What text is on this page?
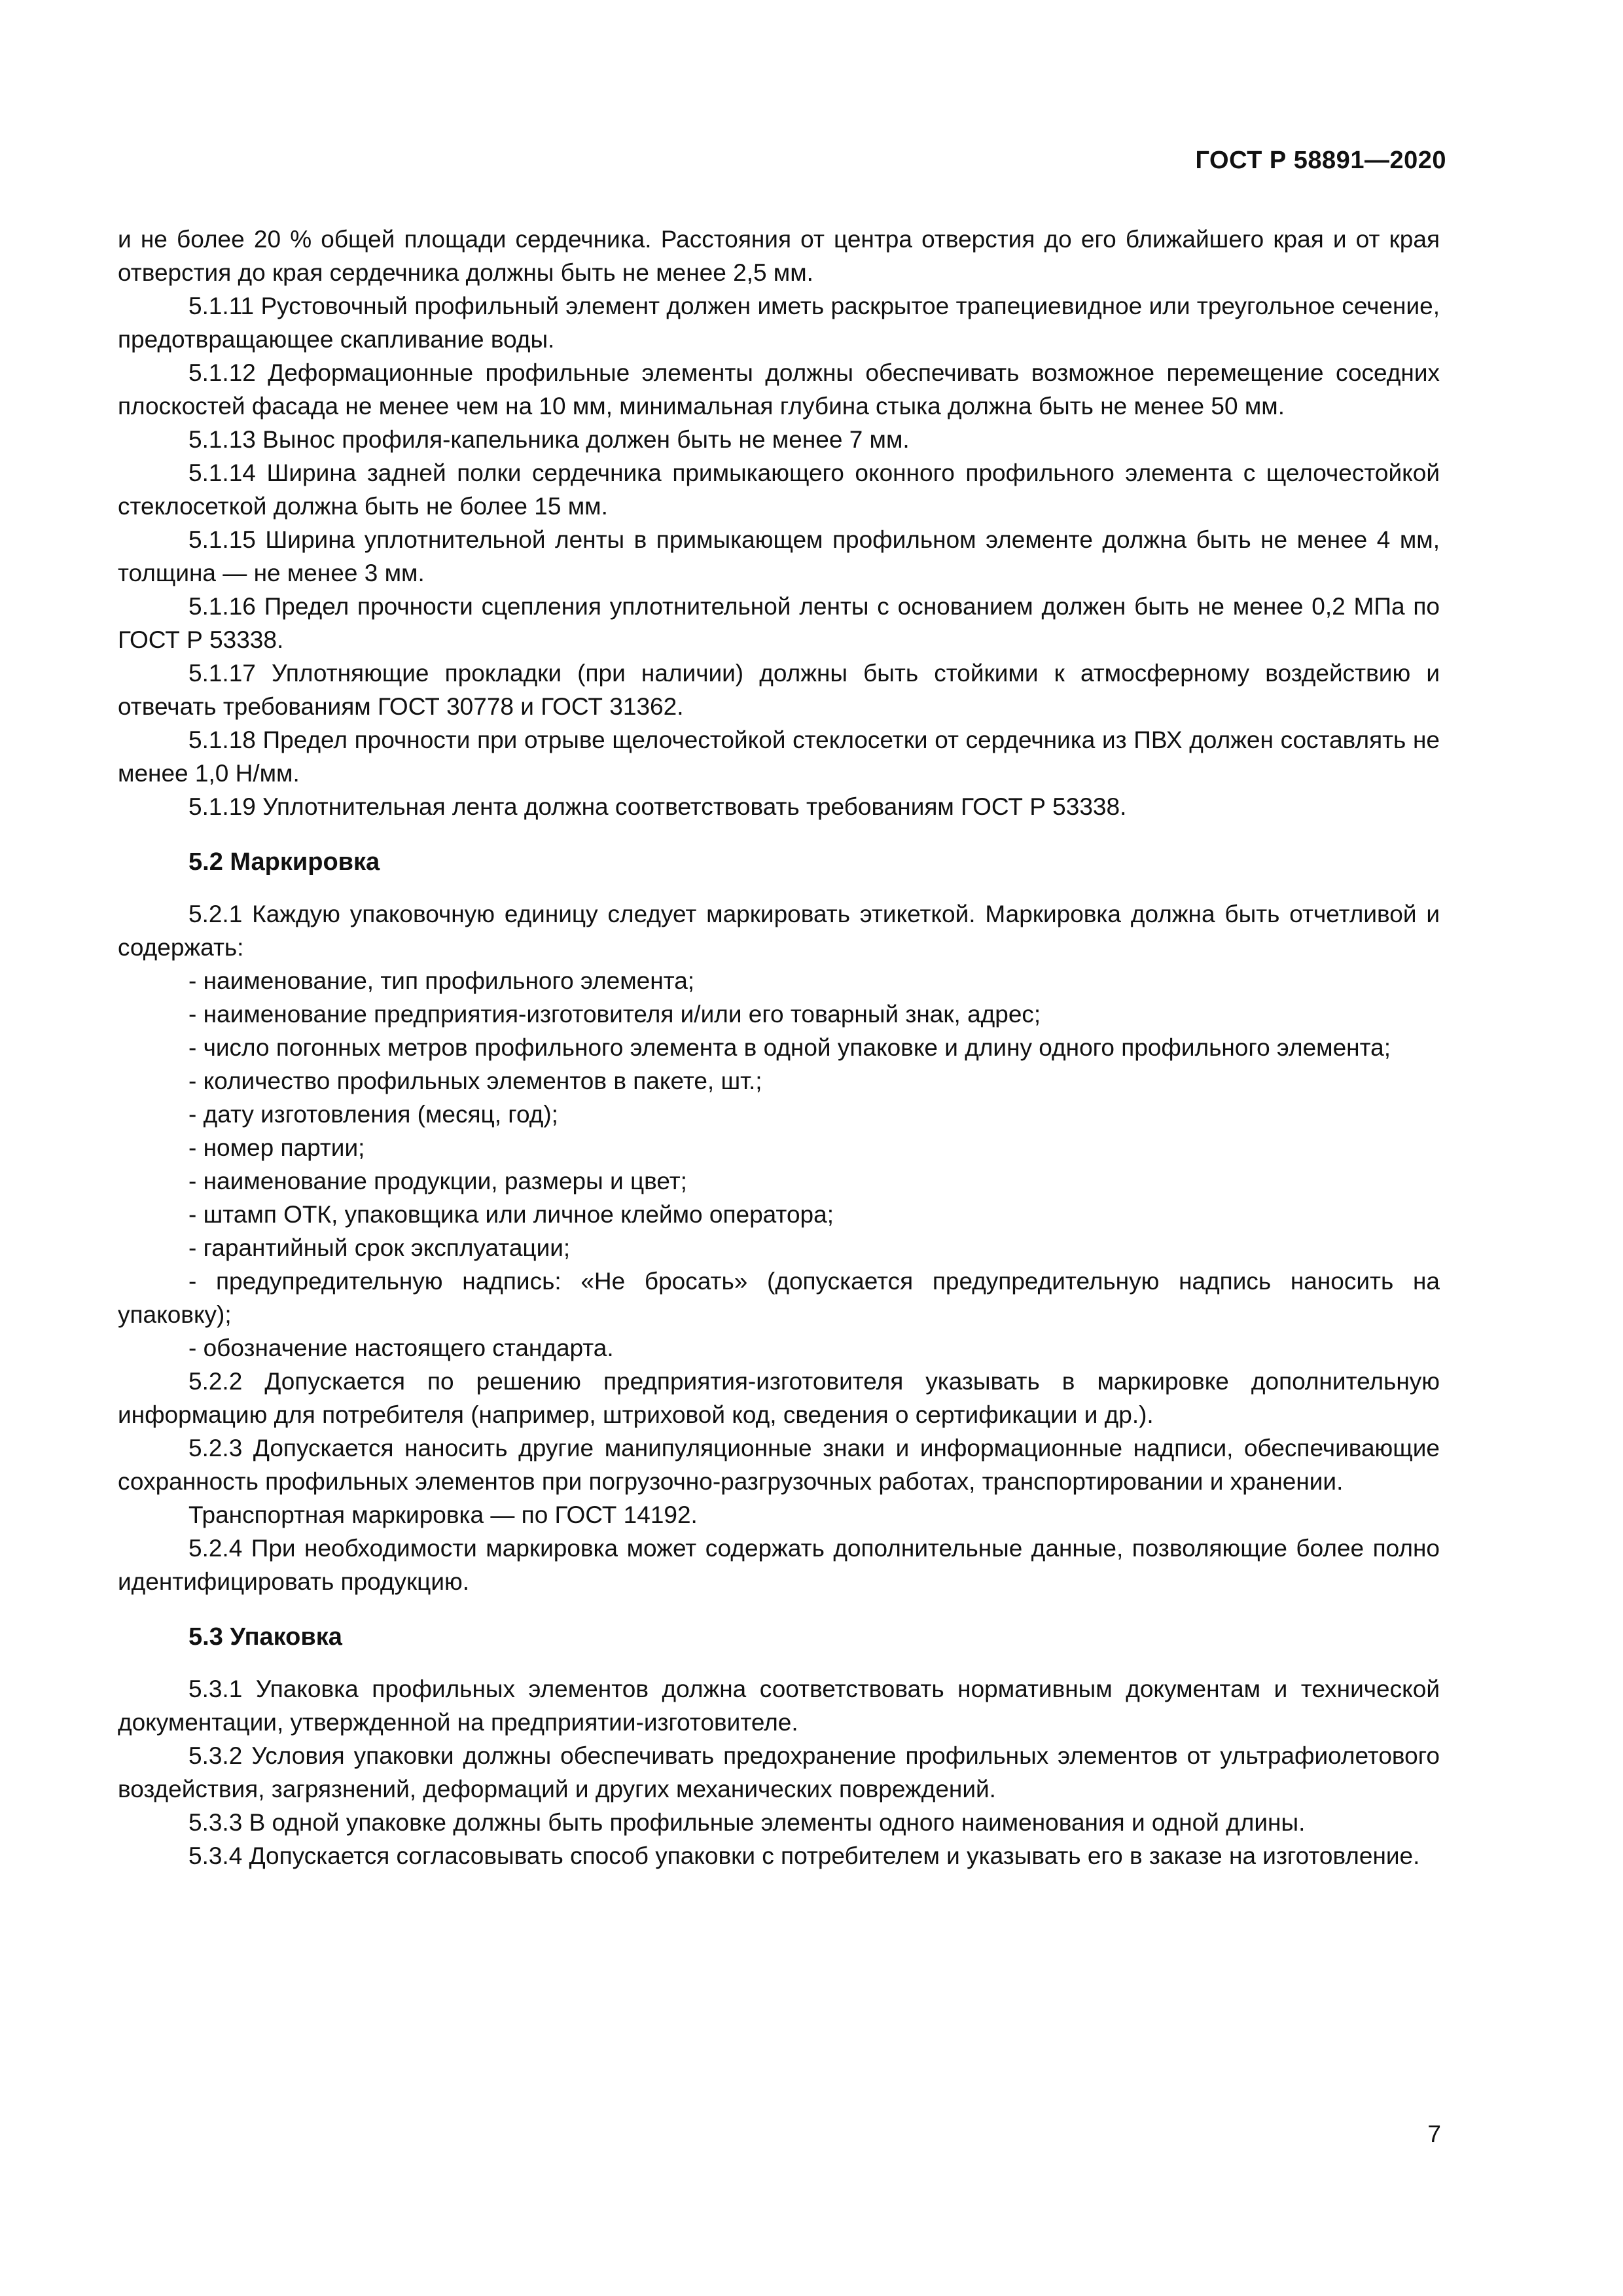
ГОСТ Р 58891—2020

и не более 20 % общей площади сердечника. Расстояния от центра отверстия до его ближайшего края и от края отверстия до края сердечника должны быть не менее 2,5 мм.

5.1.11 Рустовочный профильный элемент должен иметь раскрытое трапециевидное или треугольное сечение, предотвращающее скапливание воды.

5.1.12 Деформационные профильные элементы должны обеспечивать возможное перемещение соседних плоскостей фасада не менее чем на 10 мм, минимальная глубина стыка должна быть не менее 50 мм.

5.1.13 Вынос профиля-капельника должен быть не менее 7 мм.

5.1.14 Ширина задней полки сердечника примыкающего оконного профильного элемента с щелочестойкой стеклосеткой должна быть не более 15 мм.

5.1.15 Ширина уплотнительной ленты в примыкающем профильном элементе должна быть не менее 4 мм, толщина — не менее 3 мм.

5.1.16 Предел прочности сцепления уплотнительной ленты с основанием должен быть не менее 0,2 МПа по ГОСТ Р 53338.

5.1.17 Уплотняющие прокладки (при наличии) должны быть стойкими к атмосферному воздействию и отвечать требованиям ГОСТ 30778 и ГОСТ 31362.

5.1.18 Предел прочности при отрыве щелочестойкой стеклосетки от сердечника из ПВХ должен составлять не менее 1,0 Н/мм.

5.1.19 Уплотнительная лента должна соответствовать требованиям ГОСТ Р 53338.

5.2 Маркировка

5.2.1 Каждую упаковочную единицу следует маркировать этикеткой. Маркировка должна быть отчетливой и содержать:

- наименование, тип профильного элемента;

- наименование предприятия-изготовителя и/или его товарный знак, адрес;

- число погонных метров профильного элемента в одной упаковке и длину одного профильного элемента;

- количество профильных элементов в пакете, шт.;

- дату изготовления (месяц, год);

- номер партии;

- наименование продукции, размеры и цвет;

- штамп ОТК, упаковщика или личное клеймо оператора;

- гарантийный срок эксплуатации;

- предупредительную надпись: «Не бросать» (допускается предупредительную надпись наносить на упаковку);

- обозначение настоящего стандарта.

5.2.2 Допускается по решению предприятия-изготовителя указывать в маркировке дополнительную информацию для потребителя (например, штриховой код, сведения о сертификации и др.).

5.2.3 Допускается наносить другие манипуляционные знаки и информационные надписи, обеспечивающие сохранность профильных элементов при погрузочно-разгрузочных работах, транспортировании и хранении.

Транспортная маркировка — по ГОСТ 14192.

5.2.4 При необходимости маркировка может содержать дополнительные данные, позволяющие более полно идентифицировать продукцию.

5.3 Упаковка

5.3.1 Упаковка профильных элементов должна соответствовать нормативным документам и технической документации, утвержденной на предприятии-изготовителе.

5.3.2 Условия упаковки должны обеспечивать предохранение профильных элементов от ультрафиолетового воздействия, загрязнений, деформаций и других механических повреждений.

5.3.3 В одной упаковке должны быть профильные элементы одного наименования и одной длины.

5.3.4 Допускается согласовывать способ упаковки с потребителем и указывать его в заказе на изготовление.

7
